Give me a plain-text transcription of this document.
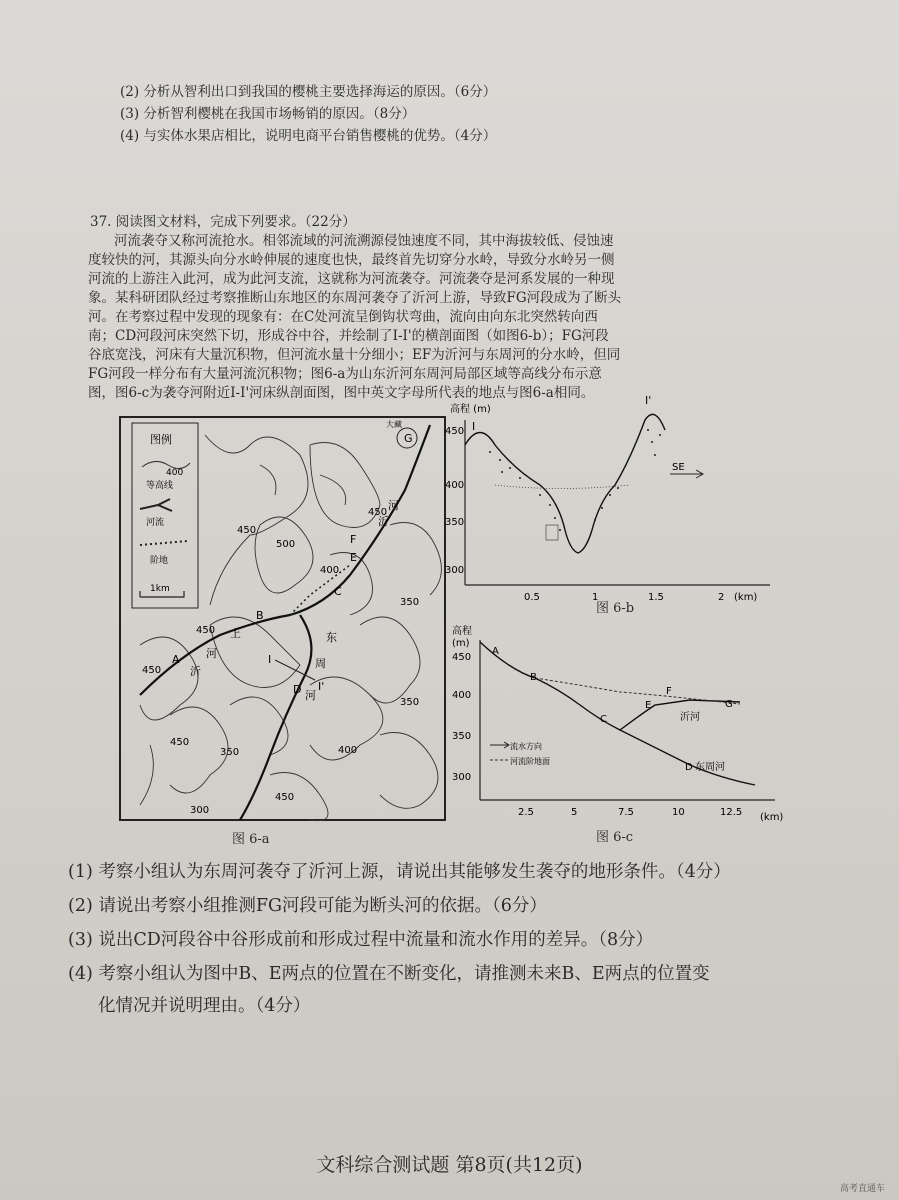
(2) 分析从智利出口到我国的樱桃主要选择海运的原因。（6分）
(3) 分析智利樱桃在我国市场畅销的原因。（8分）
(4) 与实体水果店相比，说明电商平台销售樱桃的优势。（4分）
37. 阅读图文材料，完成下列要求。（22分）

河流袭夺又称河流抢水。相邻流域的河流溯源侵蚀速度不同，其中海拔较低、侵蚀速

度较快的河，其源头向分水岭伸展的速度也快，最终首先切穿分水岭，导致分水岭另一侧

河流的上游注入此河，成为此河支流，这就称为河流袭夺。河流袭夺是河系发展的一种现

象。某科研团队经过考察推断山东地区的东周河袭夺了沂河上游，导致FG河段成为了断头

河。在考察过程中发现的现象有：在C处河流呈倒钩状弯曲，流向由向东北突然转向西

南；CD河段河床突然下切，形成谷中谷，并绘制了I-I'的横剖面图（如图6-b）；FG河段

谷底宽浅，河床有大量沉积物，但河流水量十分细小；EF为沂河与东周河的分水岭，但同

FG河段一样分布有大量河流沉积物；图6-a为山东沂河东周河局部区域等高线分布示意

图，图6-c为袭夺河附近I-I'河床纵剖面图，图中英文字母所代表的地点与图6-a相同。

图例
400
等高线
河流
阶地
1km
大藏
450
500
450
350
400
450
450
350	400
300
450
350
450
A
B
C
D
E
F
G
I
I'
沂
河
东
周
河
沂
河
上
图 6-a
高程 (m)
450
400
350
300
0.5	1	1.5	2 (km)
I
I'
SE
图 6-b
高程
(m)
450
400
350
300
2.5	5	7.5	10	12.5 (km)
A
B
C
D
E
F
G
沂河
东周河
流水方向
河流阶地面
图 6-c
(1) 考察小组认为东周河袭夺了沂河上源，请说出其能够发生袭夺的地形条件。（4分）
(2) 请说出考察小组推测FG河段可能为断头河的依据。（6分）
(3) 说出CD河段谷中谷形成前和形成过程中流量和流水作用的差异。（8分）
(4) 考察小组认为图中B、E两点的位置在不断变化，请推测未来B、E两点的位置变
化情况并说明理由。（4分）
文科综合测试题 第8页(共12页)
高考直通车
